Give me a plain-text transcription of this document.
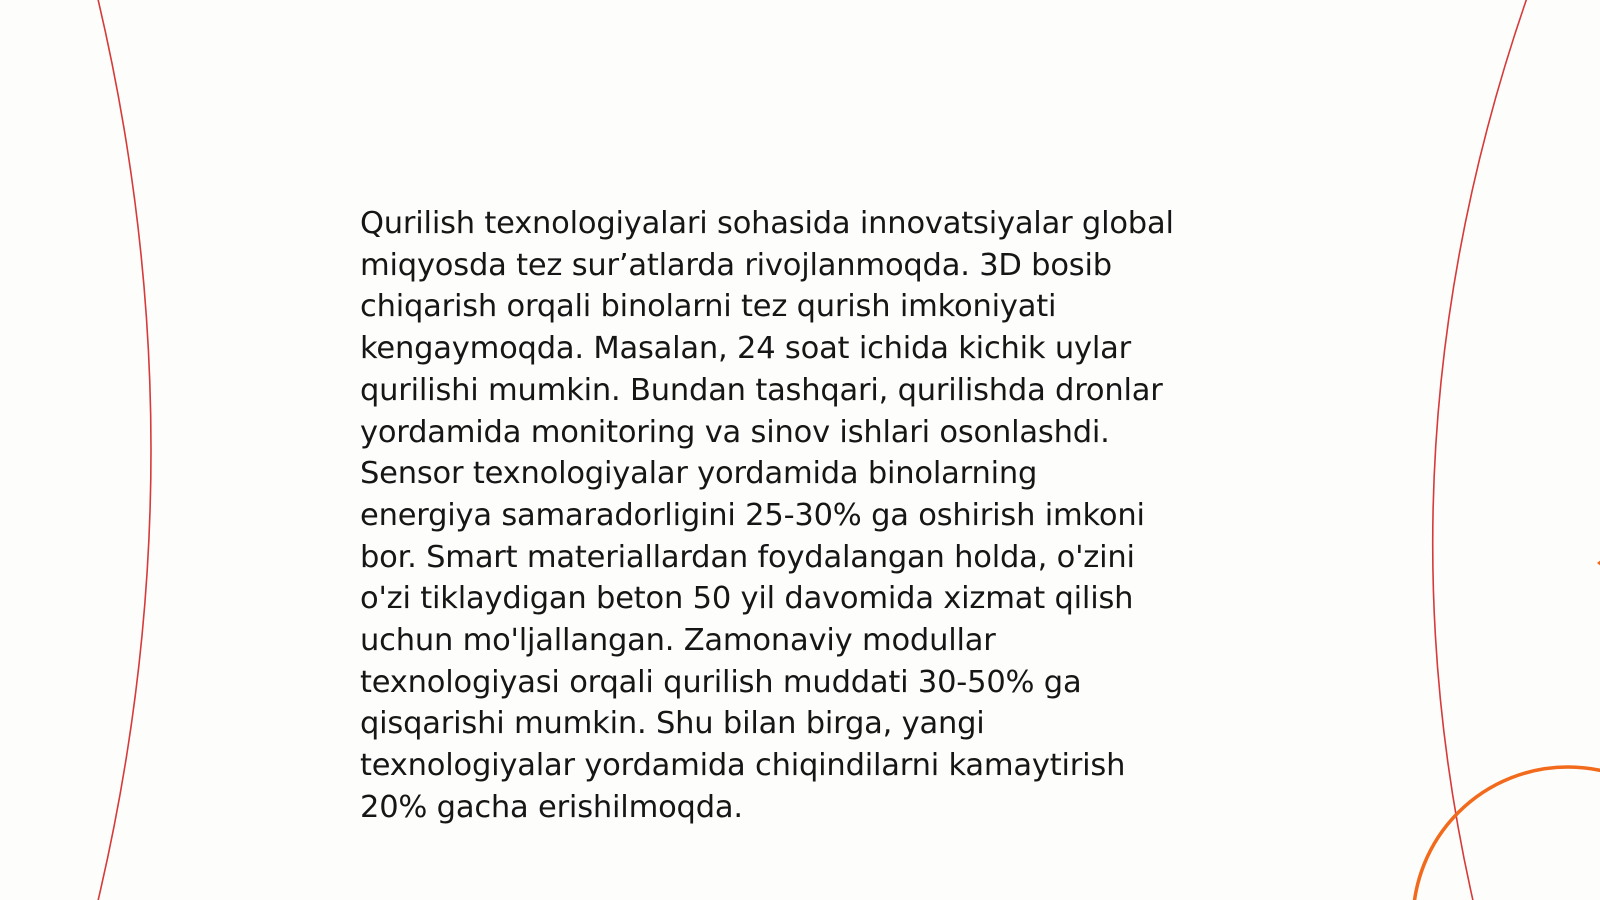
Qurilish texnologiyalari sohasida innovatsiyalar global
miqyosda tez sur’atlarda rivojlanmoqda. 3D bosib
chiqarish orqali binolarni tez qurish imkoniyati
kengaymoqda. Masalan, 24 soat ichida kichik uylar
qurilishi mumkin. Bundan tashqari, qurilishda dronlar
yordamida monitoring va sinov ishlari osonlashdi.
Sensor texnologiyalar yordamida binolarning
energiya samaradorligini 25-30% ga oshirish imkoni
bor. Smart materiallardan foydalangan holda, o'zini
o'zi tiklaydigan beton 50 yil davomida xizmat qilish
uchun mo'ljallangan. Zamonaviy modullar
texnologiyasi orqali qurilish muddati 30-50% ga
qisqarishi mumkin. Shu bilan birga, yangi
texnologiyalar yordamida chiqindilarni kamaytirish
20% gacha erishilmoqda.
